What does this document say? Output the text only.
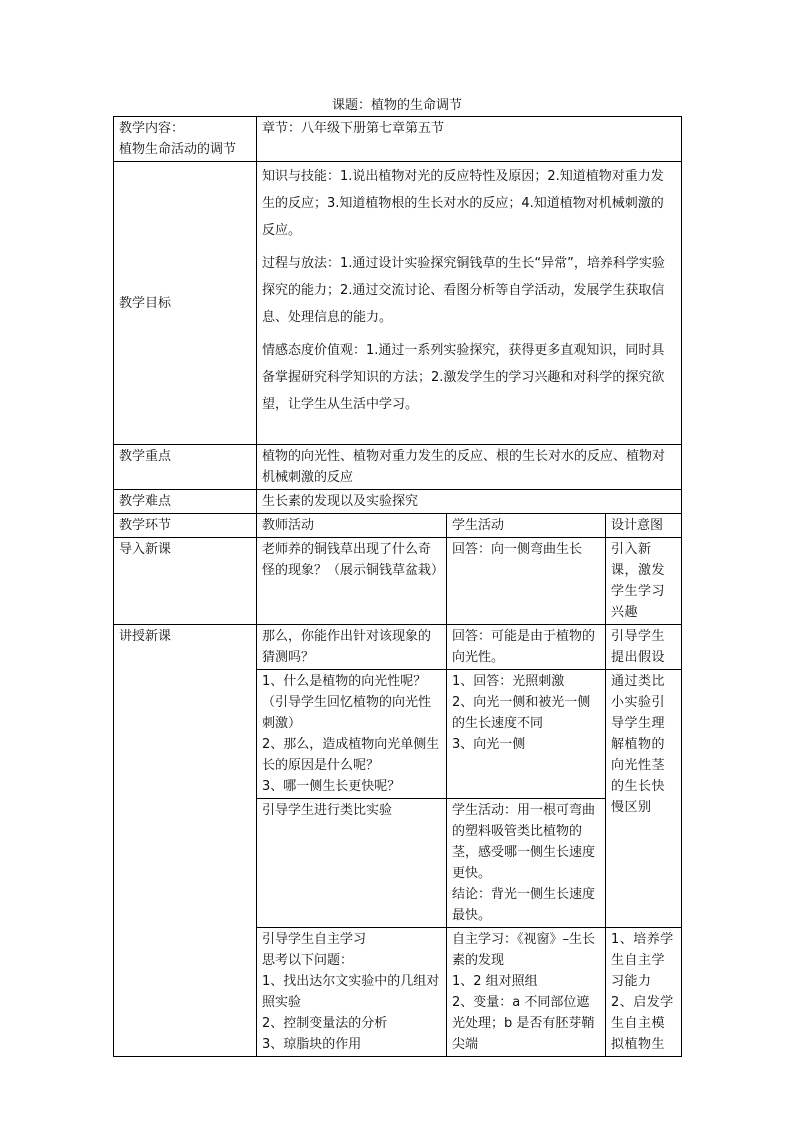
课题：植物的生命调节
教学内容：
植物生命活动的调节	章节：八年级下册第七章第五节		
教学目标	知识与技能：1.说出植物对光的反应特性及原因；2.知道植物对重力发生的反应；3.知道植物根的生长对水的反应；4.知道植物对机械刺激的反应。

过程与放法：1.通过设计实验探究铜钱草的生长“异常”，培养科学实验探究的能力；2.通过交流讨论、看图分析等自学活动，发展学生获取信息、处理信息的能力。

情感态度价值观：1.通过一系列实验探究，获得更多直观知识，同时具备掌握研究科学知识的方法；2.激发学生的学习兴趣和对科学的探究欲望，让学生从生活中学习。		

教学重点	植物的向光性、植物对重力发生的反应、根的生长对水的反应、植物对机械刺激的反应		
教学难点	生长素的发现以及实验探究		
教学环节	教师活动	学生活动	设计意图
导入新课	老师养的铜钱草出现了什么奇怪的现象？（展示铜钱草盆栽）	回答：向一侧弯曲生长	引入新课，激发学生学习兴趣
讲授新课	那么，你能作出针对该现象的猜测吗？	回答：可能是由于植物的向光性。	引导学生提出假设

	1、什么是植物的向光性呢？
（引导学生回忆植物的向光性刺激）
2、那么，造成植物向光单侧生长的原因是什么呢？
3、哪一侧生长更快呢？	1、回答：光照刺激
2、向光一侧和被光一侧的生长速度不同
3、向光一侧	通过类比小实验引导学生理解植物的向光性茎的生长快慢区别
	引导学生进行类比实验	学生活动：用一根可弯曲的塑料吸管类比植物的茎，感受哪一侧生长速度更快。
结论：背光一侧生长速度最快。	

	引导学生自主学习
思考以下问题：
1、找出达尔文实验中的几组对照实验
2、控制变量法的分析
3、琼脂块的作用	自主学习：《视窗》–生长素的发现
1、2 组对照组
2、变量：a 不同部位遮光处理；b 是否有胚芽鞘尖端	1、培养学生自主学习能力
2、启发学生自主模拟植物生
